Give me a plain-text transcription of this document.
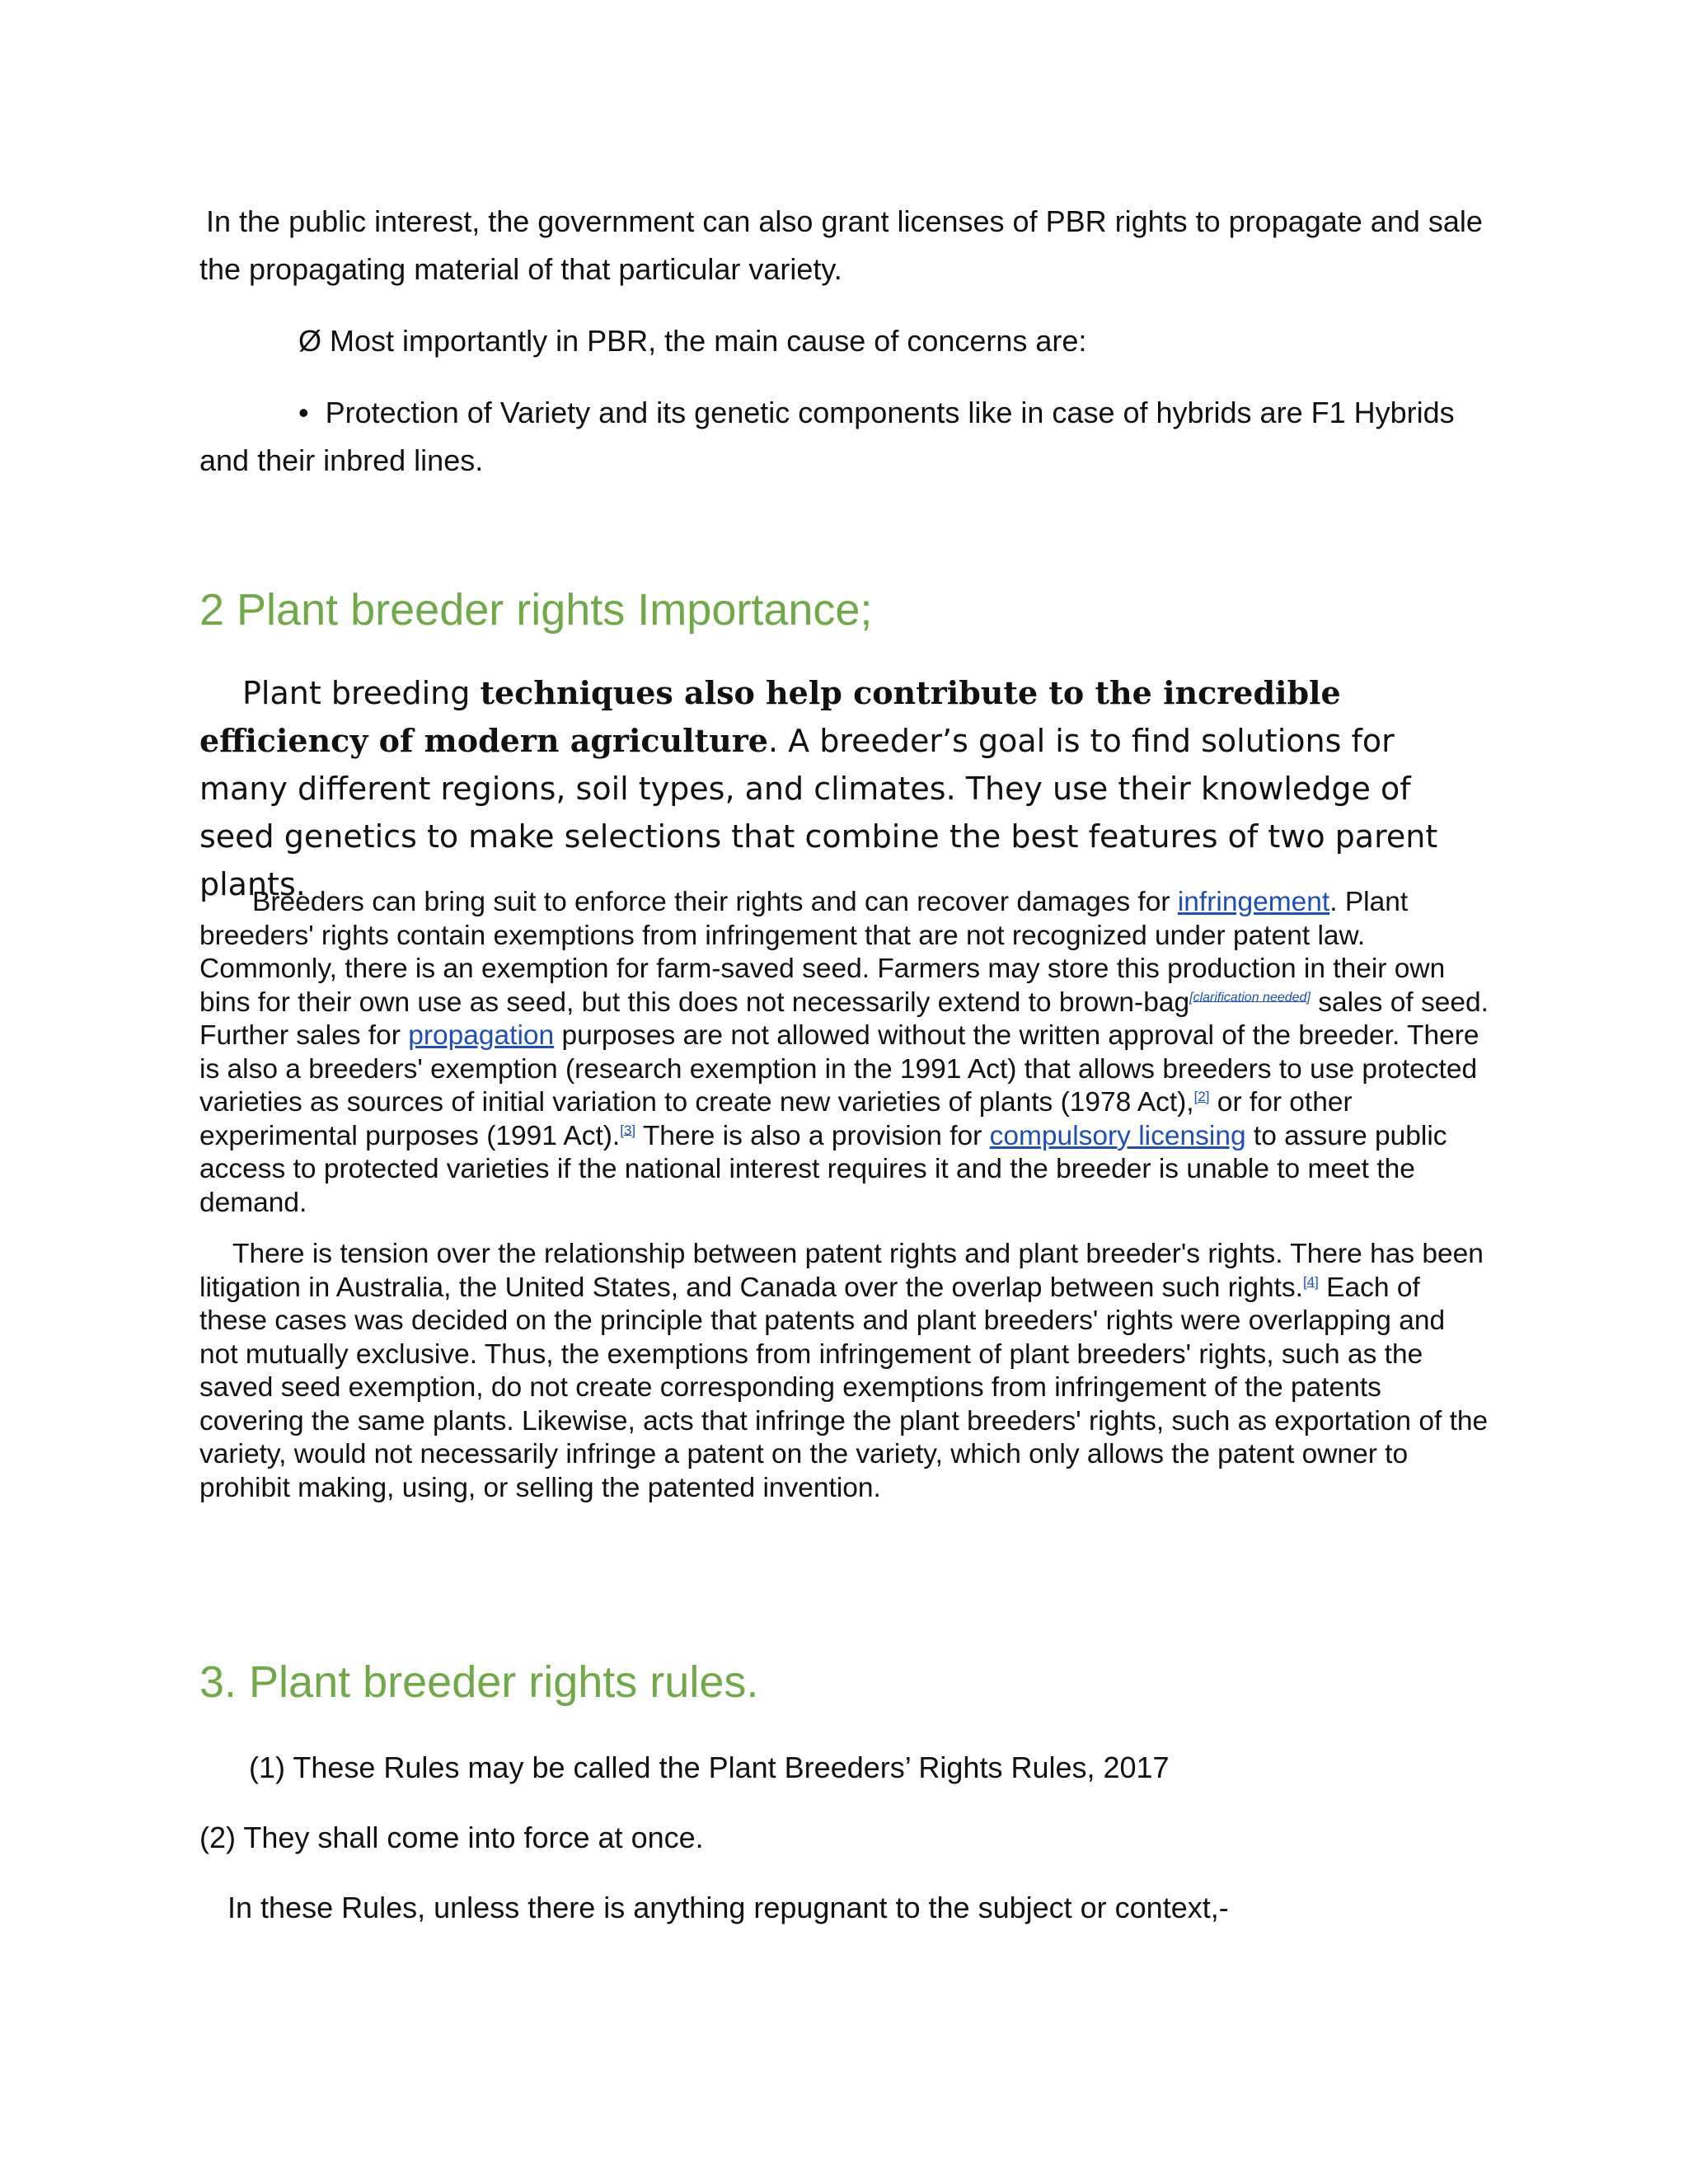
In the public interest, the government can also grant licenses of PBR rights to propagate and sale the propagating material of that particular variety.

Ø Most importantly in PBR, the main cause of concerns are:

• Protection of Variety and its genetic components like in case of hybrids are F1 Hybrids and their inbred lines.
2 Plant breeder rights Importance;

Plant breeding techniques also help contribute to the incredible efficiency of modern agriculture. A breeder’s goal is to find solutions for many different regions, soil types, and climates. They use their knowledge of seed genetics to make selections that combine the best features of two parent plants.

Breeders can bring suit to enforce their rights and can recover damages for infringement. Plant breeders' rights contain exemptions from infringement that are not recognized under patent law. Commonly, there is an exemption for farm-saved seed. Farmers may store this production in their own bins for their own use as seed, but this does not necessarily extend to brown-bag[clarification needed] sales of seed. Further sales for propagation purposes are not allowed without the written approval of the breeder. There is also a breeders' exemption (research exemption in the 1991 Act) that allows breeders to use protected varieties as sources of initial variation to create new varieties of plants (1978 Act),[2] or for other experimental purposes (1991 Act).[3] There is also a provision for compulsory licensing to assure public access to protected varieties if the national interest requires it and the breeder is unable to meet the demand.

There is tension over the relationship between patent rights and plant breeder's rights. There has been litigation in Australia, the United States, and Canada over the overlap between such rights.[4] Each of these cases was decided on the principle that patents and plant breeders' rights were overlapping and not mutually exclusive. Thus, the exemptions from infringement of plant breeders' rights, such as the saved seed exemption, do not create corresponding exemptions from infringement of the patents covering the same plants. Likewise, acts that infringe the plant breeders' rights, such as exportation of the variety, would not necessarily infringe a patent on the variety, which only allows the patent owner to prohibit making, using, or selling the patented invention.

3. Plant breeder rights rules.

(1) These Rules may be called the Plant Breeders’ Rights Rules, 2017

(2) They shall come into force at once.

In these Rules, unless there is anything repugnant to the subject or context,-
